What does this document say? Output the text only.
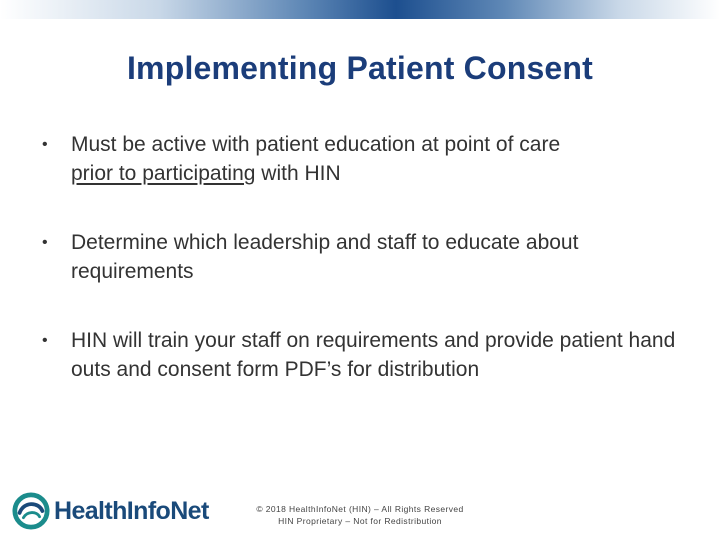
Implementing Patient Consent
•	Must be active with patient education at point of care
prior to participating with HIN
•	Determine which leadership and staff to educate about requirements
•	HIN will train your staff on requirements and provide patient hand outs and consent form PDF’s for distribution
HealthInfoNet	© 2018 HealthInfoNet (HIN) – All Rights Reserved
HIN Proprietary – Not for Redistribution
